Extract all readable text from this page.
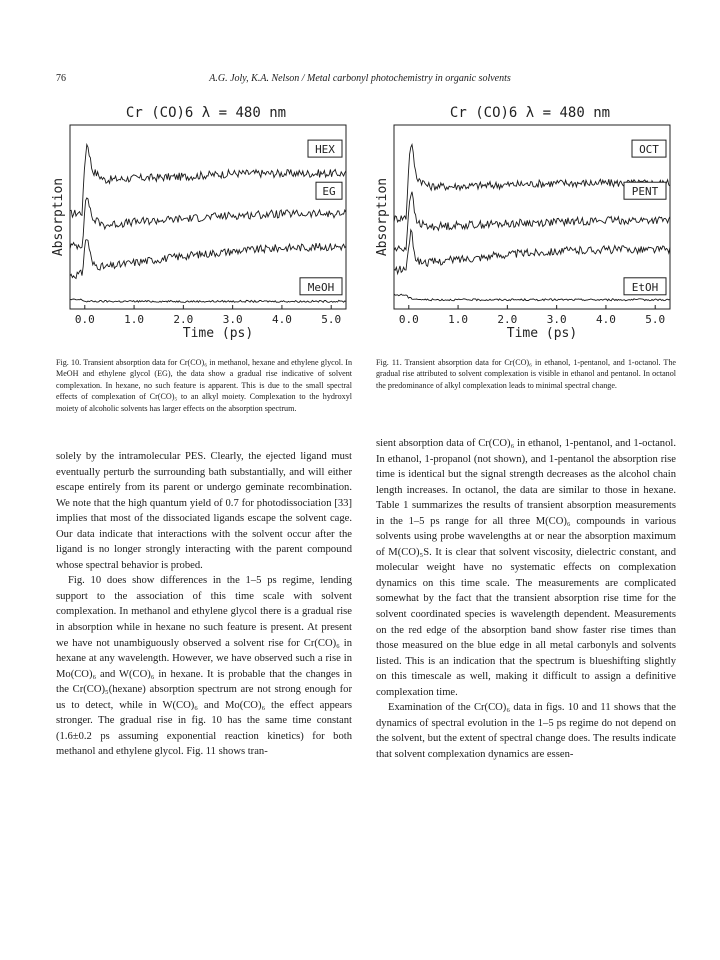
76	A.G. Joly, K.A. Nelson / Metal carbonyl photochemistry in organic solvents
Cr (CO)6 λ = 480 nm
Absorption
0.0	1.0	2.0	3.0	4.0	5.0
HEX
EG
MeOH
Time (ps)
Cr (CO)6 λ = 480 nm
Absorption
0.0	1.0	2.0	3.0	4.0	5.0
OCT
PENT
EtOH
Time (ps)
Fig. 10. Transient absorption data for Cr(CO)₆ in methanol, hexane and ethylene glycol. In MeOH and ethylene glycol (EG), the data show a gradual rise indicative of solvent complexation. In hexane, no such feature is apparent. This is due to the small spectral effects of complexation of Cr(CO)₅ to an alkyl moiety. Complexation to the hydroxyl moiety of alcoholic solvents has larger effects on the absorption spectrum.
Fig. 11. Transient absorption data for Cr(CO)₆ in ethanol, 1-pentanol, and 1-octanol. The gradual rise attributed to solvent complexation is visible in ethanol and pentanol. In octanol the predominance of alkyl complexation leads to minimal spectral change.

solely by the intramolecular PES. Clearly, the ejected ligand must eventually perturb the surrounding bath substantially, and will either escape entirely from its parent or undergo geminate recombination. We note that the high quantum yield of 0.7 for photodissociation [33] implies that most of the dissociated ligands escape the solvent cage. Our data indicate that interactions with the solvent occur after the ligand is no longer strongly interacting with the parent compound whose spectral behavior is probed.

Fig. 10 does show differences in the 1–5 ps regime, lending support to the association of this time scale with solvent complexation. In methanol and ethylene glycol there is a gradual rise in absorption while in hexane no such feature is present. At present we have not unambiguously observed a solvent rise for Cr(CO)₆ in hexane at any wavelength. However, we have observed such a rise in Mo(CO)₆ and W(CO)₆ in hexane. It is probable that the changes in the Cr(CO)₅(hexane) absorption spectrum are not strong enough for us to detect, while in W(CO)₆ and Mo(CO)₆ the effect appears stronger. The gradual rise in fig. 10 has the same time constant (1.6±0.2 ps assuming exponential reaction kinetics) for both methanol and ethylene glycol. Fig. 11 shows tran-

sient absorption data of Cr(CO)₆ in ethanol, 1-pentanol, and 1-octanol. In ethanol, 1-propanol (not shown), and 1-pentanol the absorption rise time is identical but the signal strength decreases as the alcohol chain length increases. In octanol, the data are similar to those in hexane. Table 1 summarizes the results of transient absorption measurements in the 1–5 ps range for all three M(CO)₆ compounds in various solvents using probe wavelengths at or near the absorption maximum of M(CO)₅S. It is clear that solvent viscosity, dielectric constant, and molecular weight have no systematic effects on complexation dynamics on this time scale. The measurements are complicated somewhat by the fact that the transient absorption rise time for the solvent coordinated species is wavelength dependent. Measurements on the red edge of the absorption band show faster rise times than those measured on the blue edge in all metal carbonyls and solvents listed. This is an indication that the spectrum is blueshifting slightly on this timescale as well, making it difficult to assign a definitive complexation time.

Examination of the Cr(CO)₆ data in figs. 10 and 11 shows that the dynamics of spectral evolution in the 1–5 ps regime do not depend on the solvent, but the extent of spectral change does. The results indicate that solvent complexation dynamics are essen-
